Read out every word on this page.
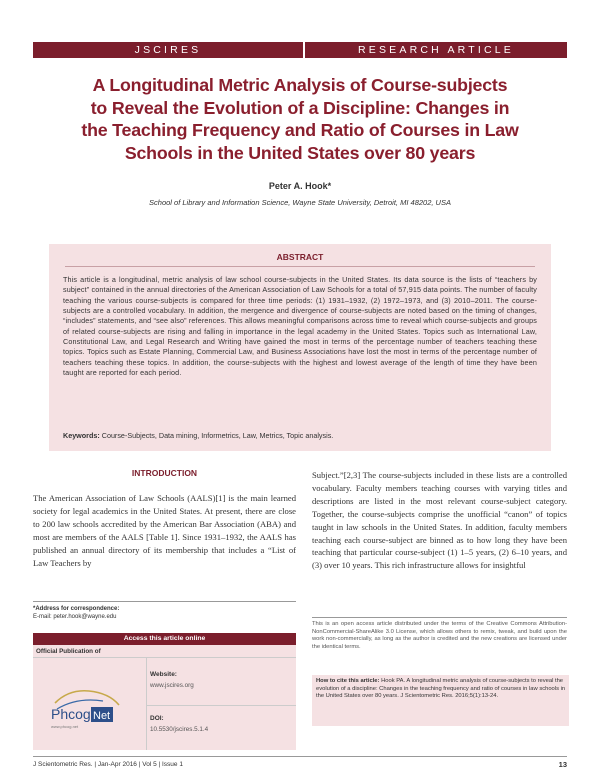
JSCIRES	RESEARCH ARTICLE
A Longitudinal Metric Analysis of Course-subjects
to Reveal the Evolution of a Discipline: Changes in
the Teaching Frequency and Ratio of Courses in Law
Schools in the United States over 80 years
Peter A. Hook*
School of Library and Information Science, Wayne State University, Detroit, MI 48202, USA
ABSTRACT
This article is a longitudinal, metric analysis of law school course-subjects in the United States. Its data source is the lists of “teachers by subject” contained in the annual directories of the American Association of Law Schools for a total of 57,915 data points. The number of faculty teaching the various course-subjects is compared for three time periods: (1) 1931–1932, (2) 1972–1973, and (3) 2010–2011. The course-subjects are a controlled vocabulary. In addition, the mergence and divergence of course-subjects are noted based on the timing of changes, “includes” statements, and “see also” references. This allows meaningful comparisons across time to reveal which course-subjects and groups of related course-subjects are rising and falling in importance in the legal academy in the United States. Topics such as International Law, Constitutional Law, and Legal Research and Writing have gained the most in terms of the percentage number of teachers teaching these topics. Topics such as Estate Planning, Commercial Law, and Business Associations have lost the most in terms of the percentage number of teachers teaching these topics. In addition, the course-subjects with the highest and lowest average of the length of time they have been taught are reported for each period.
Keywords: Course-Subjects, Data mining, Informetrics, Law, Metrics, Topic analysis.
INTRODUCTION
The American Association of Law Schools (AALS)[1] is the main learned society for legal academics in the United States. At present, there are close to 200 law schools accredited by the American Bar Association (ABA) and most are members of the AALS [Table 1]. Since 1931–1932, the AALS has published an annual directory of its membership that includes a “List of Law Teachers by
Subject.”[2,3] The course-subjects included in these lists are a controlled vocabulary. Faculty members teaching courses with varying titles and descriptions are listed in the most relevant course-subject category. Together, the course-subjects comprise the unofficial “canon” of topics taught in law schools in the United States. In addition, faculty members teaching each course-subject are binned as to how long they have been teaching that particular course-subject (1) 1–5 years, (2) 6–10 years, and (3) over 10 years. This rich infrastructure allows for insightful
*Address for correspondence:
E-mail: peter.hook@wayne.edu
Access this article online
Official Publication of
Phcog Net
www.phcog.net
Website:
www.jscires.org
DOI:
10.5530/jscires.5.1.4
This is an open access article distributed under the terms of the Creative Commons Attribution-NonCommercial-ShareAlike 3.0 License, which allows others to remix, tweak, and build upon the work non-commercially, as long as the author is credited and the new creations are licensed under the identical terms.
How to cite this article: Hook PA. A longitudinal metric analysis of course-subjects to reveal the evolution of a discipline: Changes in the teaching frequency and ratio of courses in law schools in the United States over 80 years. J Scientometric Res. 2016;5(1):13-24.
J Scientometric Res. | Jan-Apr 2016 | Vol 5 | Issue 1	13
